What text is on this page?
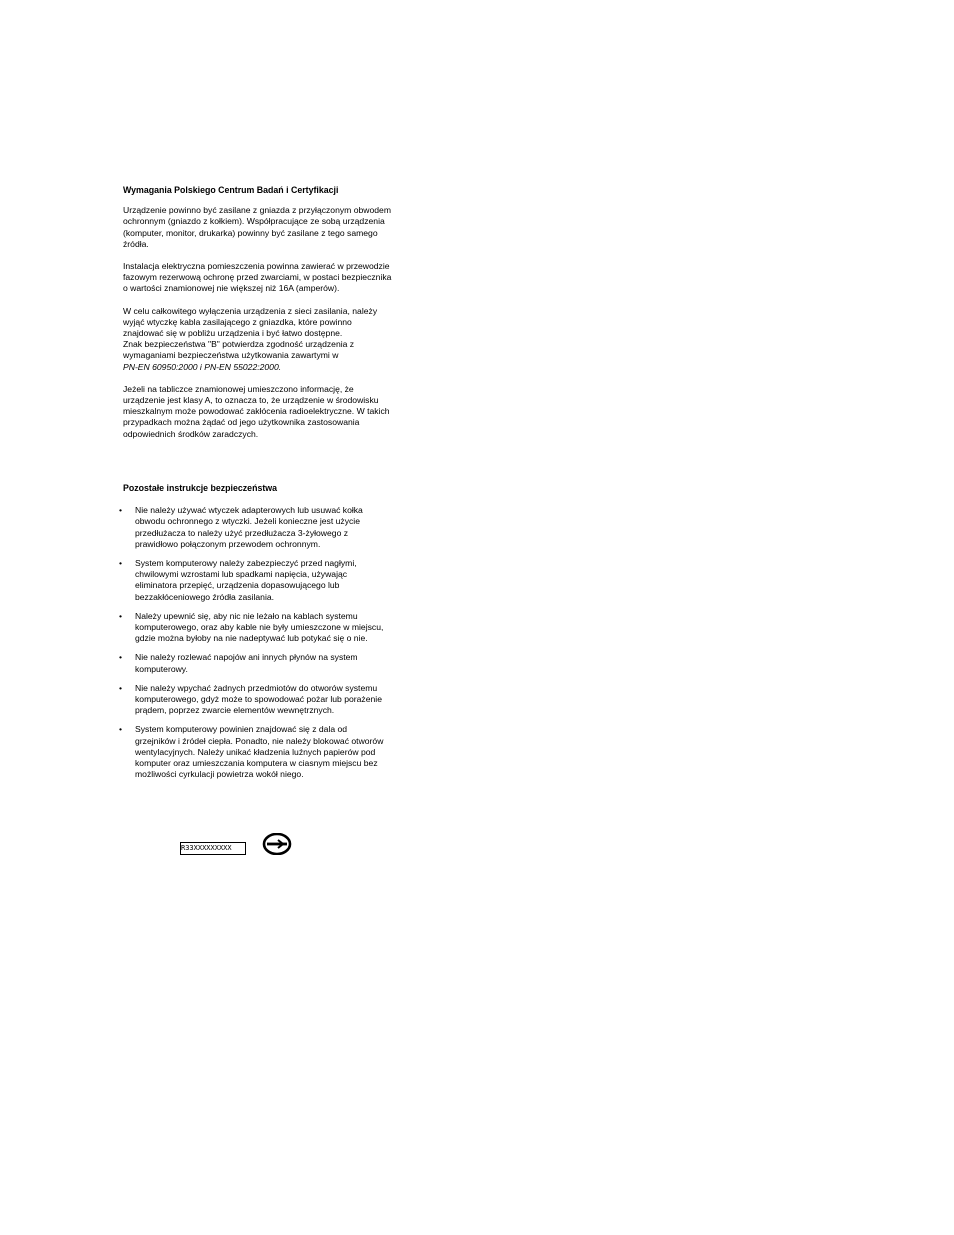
Wymagania Polskiego Centrum Badań i Certyfikacji

Urządzenie powinno być zasilane z gniazda z przyłączonym obwodem
ochronnym (gniazdo z kołkiem). Współpracujące ze sobą urządzenia
(komputer, monitor, drukarka) powinny być zasilane z tego samego
źródła.

Instalacja elektryczna pomieszczenia powinna zawierać w przewodzie
fazowym rezerwową ochronę przed zwarciami, w postaci bezpiecznika
o wartości znamionowej nie większej niż 16A (amperów).

W celu całkowitego wyłączenia urządzenia z sieci zasilania, należy
wyjąć wtyczkę kabla zasilającego z gniazdka, które powinno
znajdować się w pobliżu urządzenia i być łatwo dostępne.
Znak bezpieczeństwa "B" potwierdza zgodność urządzenia z
wymaganiami bezpieczeństwa użytkowania zawartymi w
PN-EN 60950:2000 i PN-EN 55022:2000.

Jeżeli na tabliczce znamionowej umieszczono informację, że
urządzenie jest klasy A, to oznacza to, że urządzenie w środowisku
mieszkalnym może powodować zakłócenia radioelektryczne. W takich
przypadkach można żądać od jego użytkownika zastosowania
odpowiednich środków zaradczych.

Pozostałe instrukcje bezpieczeństwa
• Nie należy używać wtyczek adapterowych lub usuwać kołka
obwodu ochronnego z wtyczki. Jeżeli konieczne jest użycie
przedłużacza to należy użyć przedłużacza 3-żyłowego z
prawidłowo połączonym przewodem ochronnym.
• System komputerowy należy zabezpieczyć przed nagłymi,
chwilowymi wzrostami lub spadkami napięcia, używając
eliminatora przepięć, urządzenia dopasowującego lub
bezzakłóceniowego źródła zasilania.
• Należy upewnić się, aby nic nie leżało na kablach systemu
komputerowego, oraz aby kable nie były umieszczone w miejscu,
gdzie można byłoby na nie nadeptywać lub potykać się o nie.
• Nie należy rozlewać napojów ani innych płynów na system
komputerowy.
• Nie należy wpychać żadnych przedmiotów do otworów systemu
komputerowego, gdyż może to spowodować pożar lub porażenie
prądem, poprzez zwarcie elementów wewnętrznych.
• System komputerowy powinien znajdować się z dala od
grzejników i źródeł ciepła. Ponadto, nie należy blokować otworów
wentylacyjnych. Należy unikać kładzenia luźnych papierów pod
komputer oraz umieszczania komputera w ciasnym miejscu bez
możliwości cyrkulacji powietrza wokół niego.
R33XXXXXXXXX
